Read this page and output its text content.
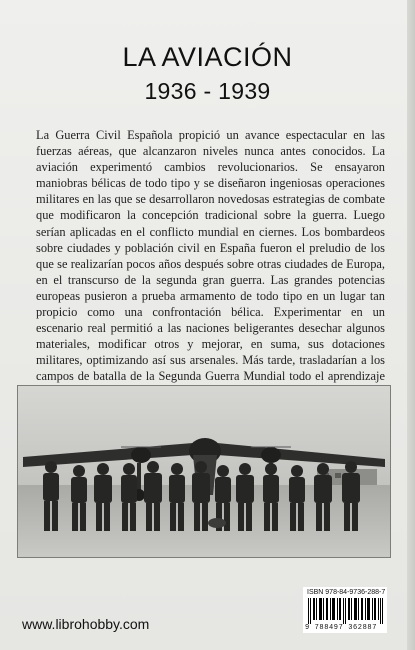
LA AVIACIÓN
1936 - 1939
La Guerra Civil Española propició un avance espectacular en las fuerzas aéreas, que alcanzaron niveles nunca antes conocidos. La aviación experimentó cambios revolucionarios. Se ensayaron maniobras bélicas de todo tipo y se diseñaron ingeniosas operaciones militares en las que se desarrollaron novedosas estrategias de combate que modificaron la concepción tradicional sobre la guerra. Luego serían aplicadas en el conflicto mundial en ciernes. Los bombardeos sobre ciudades y población civil en España fueron el preludio de los que se realizarían pocos años después sobre otras ciudades de Europa, en el transcurso de la segunda gran guerra. Las grandes potencias europeas pusieron a prueba armamento de todo tipo en un lugar tan propicio como una confrontación bélica. Experimentar en un escenario real permitió a las naciones beligerantes desechar algunos materiales, modificar otros y mejorar, en suma, sus dotaciones militares, optimizando así sus arsenales. Más tarde, trasladarían a los campos de batalla de la Segunda Guerra Mundial todo el aprendizaje
ISBN 978-84-9736-288-7
9 788497 362887
www.librohobby.com
